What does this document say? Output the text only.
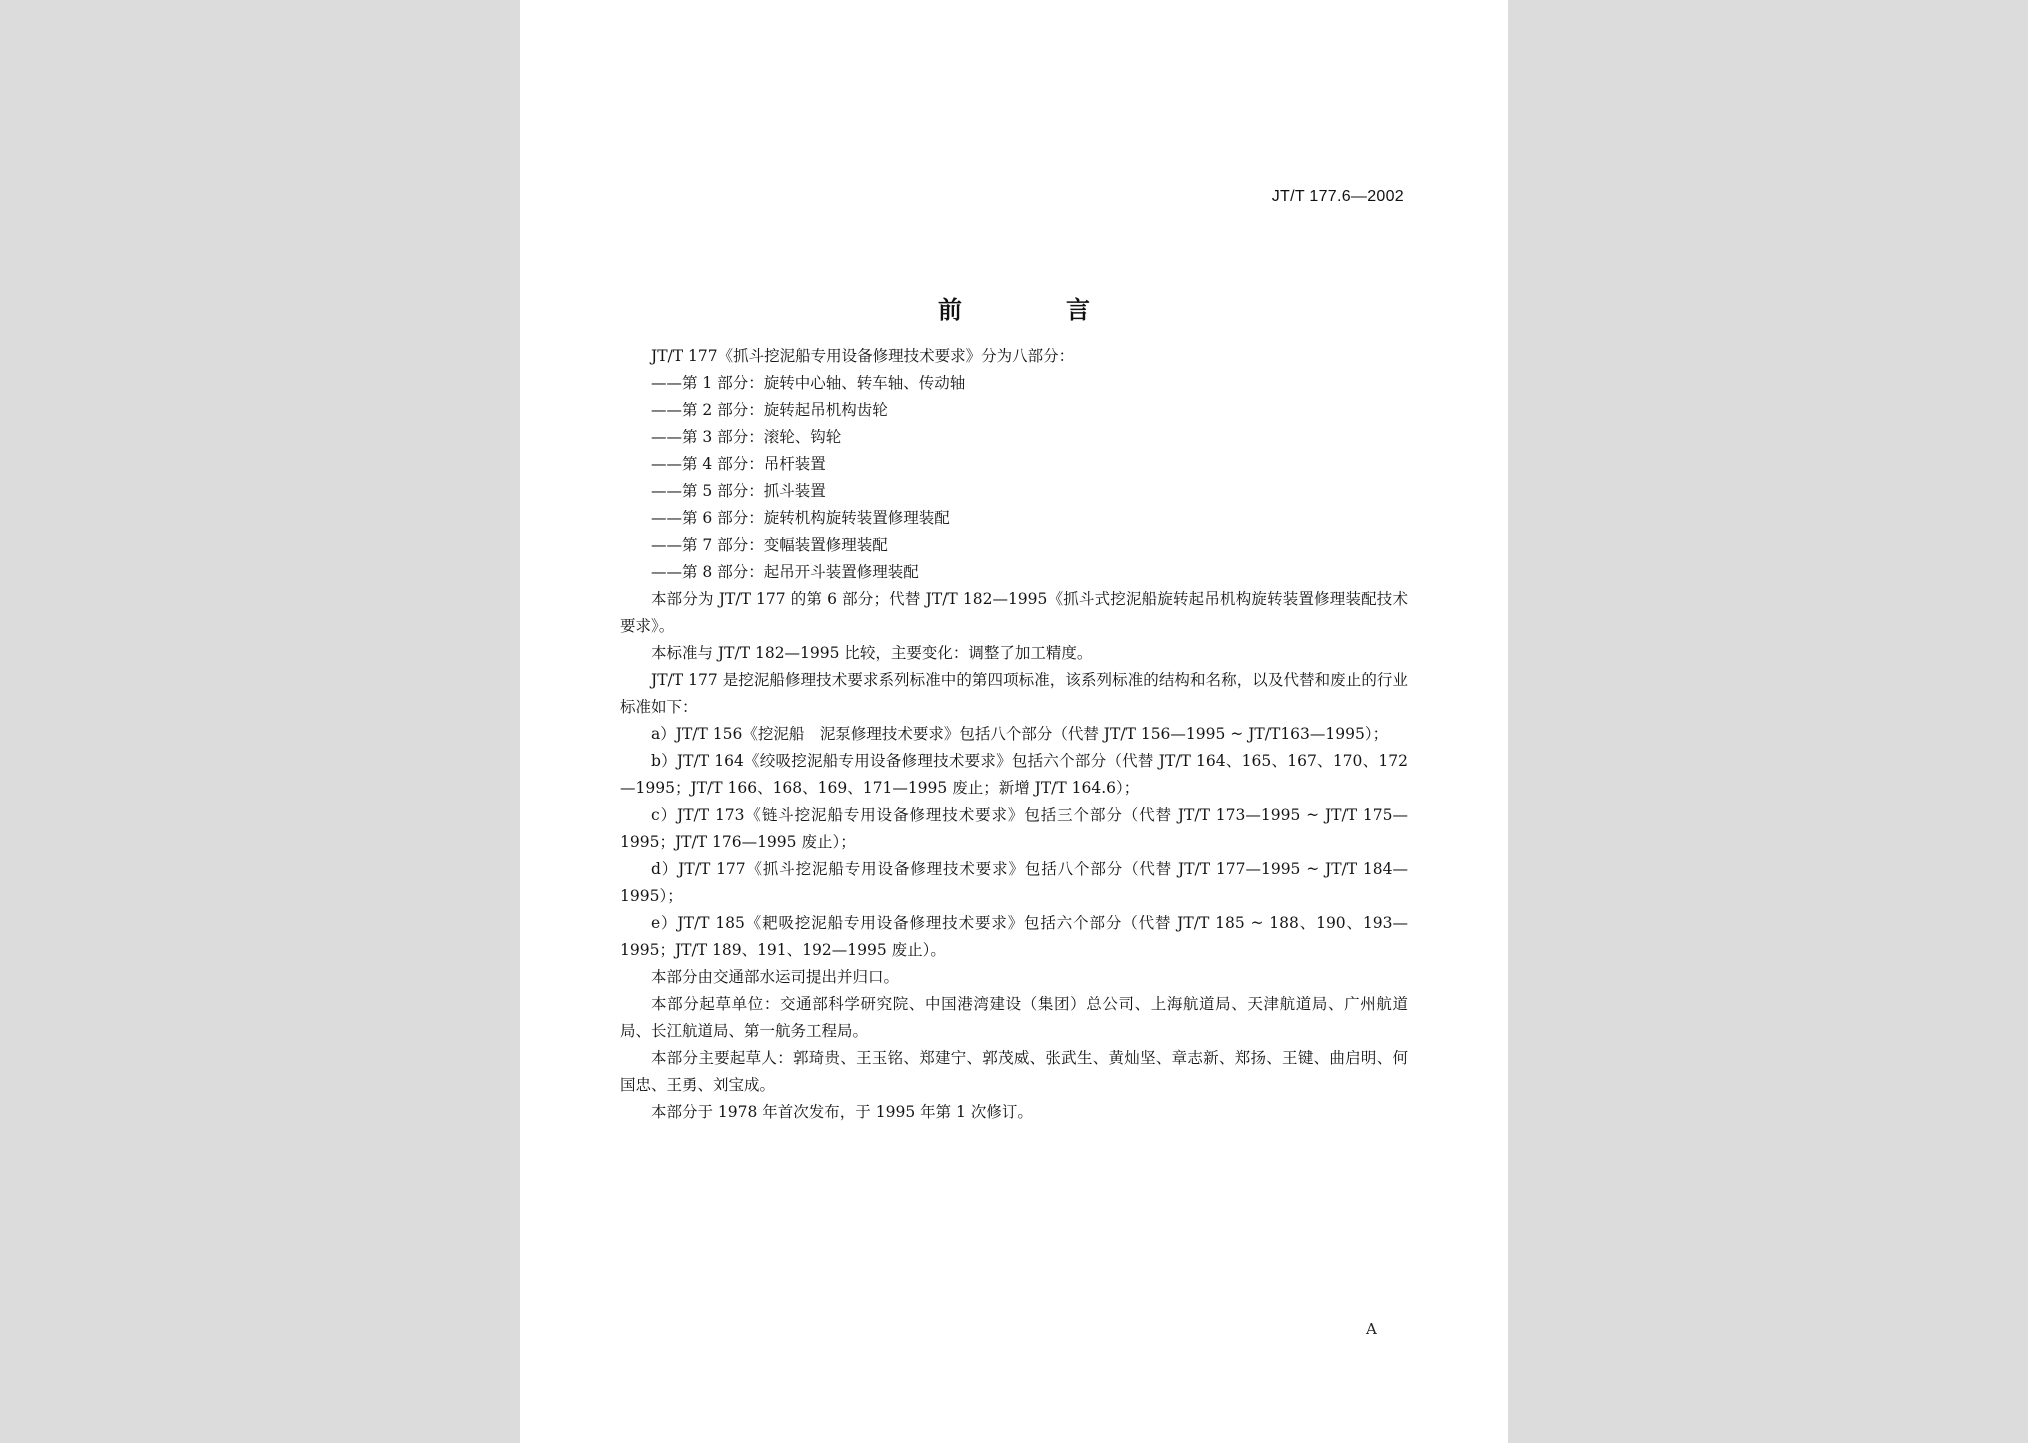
JT/T 177.6—2002
前　言

JT/T 177《抓斗挖泥船专用设备修理技术要求》分为八部分：

——第 1 部分：旋转中心轴、转车轴、传动轴

——第 2 部分：旋转起吊机构齿轮

——第 3 部分：滚轮、钩轮

——第 4 部分：吊杆装置

——第 5 部分：抓斗装置

——第 6 部分：旋转机构旋转装置修理装配

——第 7 部分：变幅装置修理装配

——第 8 部分：起吊开斗装置修理装配

本部分为 JT/T 177 的第 6 部分；代替 JT/T 182—1995《抓斗式挖泥船旋转起吊机构旋转装置修理装配技术要求》。

本标准与 JT/T 182—1995 比较，主要变化：调整了加工精度。

JT/T 177 是挖泥船修理技术要求系列标准中的第四项标准，该系列标准的结构和名称，以及代替和废止的行业标准如下：

a）JT/T 156《挖泥船　泥泵修理技术要求》包括八个部分（代替 JT/T 156—1995 ~ JT/T163—1995）；

b）JT/T 164《绞吸挖泥船专用设备修理技术要求》包括六个部分（代替 JT/T 164、165、167、170、172—1995；JT/T 166、168、169、171—1995 废止；新增 JT/T 164.6）；

c）JT/T 173《链斗挖泥船专用设备修理技术要求》包括三个部分（代替 JT/T 173—1995 ~ JT/T 175—1995；JT/T 176—1995 废止）；

d）JT/T 177《抓斗挖泥船专用设备修理技术要求》包括八个部分（代替 JT/T 177—1995 ~ JT/T 184—1995）；

e）JT/T 185《耙吸挖泥船专用设备修理技术要求》包括六个部分（代替 JT/T 185 ~ 188、190、193—1995；JT/T 189、191、192—1995 废止）。

本部分由交通部水运司提出并归口。

本部分起草单位：交通部科学研究院、中国港湾建设（集团）总公司、上海航道局、天津航道局、广州航道局、长江航道局、第一航务工程局。

本部分主要起草人：郭琦贵、王玉铭、郑建宁、郭茂威、张武生、黄灿坚、章志新、郑扬、王键、曲启明、何国忠、王勇、刘宝成。

本部分于 1978 年首次发布，于 1995 年第 1 次修订。

A
